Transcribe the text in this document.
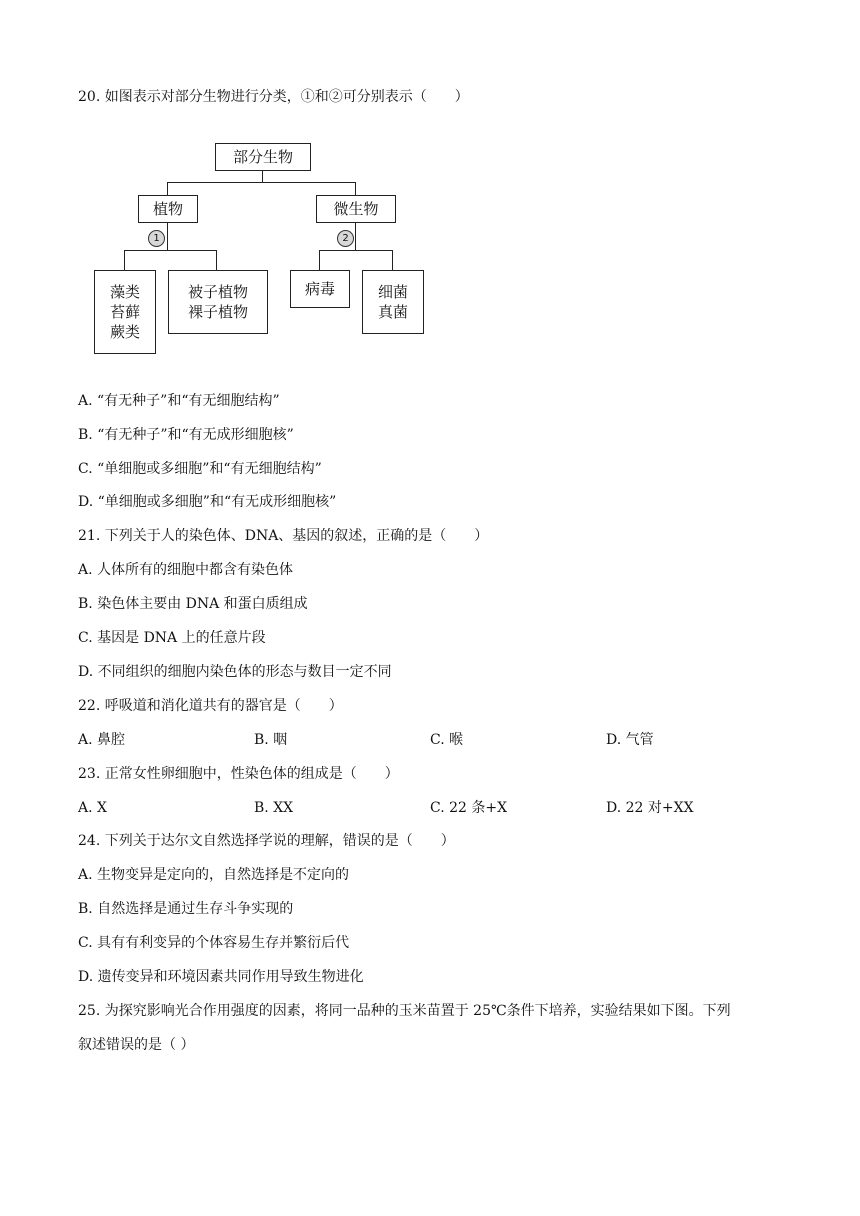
20. 如图表示对部分生物进行分类，①和②可分别表示（　　）
部分生物
植物	微生物
藻类
苔藓
蕨类
被子植物
裸子植物
病毒	细菌
真菌
1	2
A. “有无种子”和“有无细胞结构”
B. “有无种子”和“有无成形细胞核”
C. “单细胞或多细胞”和“有无细胞结构”
D. “单细胞或多细胞”和“有无成形细胞核”
21. 下列关于人的染色体、DNA、基因的叙述，正确的是（　　）
A. 人体所有的细胞中都含有染色体
B. 染色体主要由 DNA 和蛋白质组成
C. 基因是 DNA 上的任意片段
D. 不同组织的细胞内染色体的形态与数目一定不同
22. 呼吸道和消化道共有的器官是（　　）
A. 鼻腔	B. 咽	C. 喉	D. 气管
23. 正常女性卵细胞中，性染色体的组成是（　　）
A. X	B. XX	C. 22 条+X	D. 22 对+XX
24. 下列关于达尔文自然选择学说的理解，错误的是（　　）
A. 生物变异是定向的，自然选择是不定向的
B. 自然选择是通过生存斗争实现的
C. 具有有利变异的个体容易生存并繁衍后代
D. 遗传变异和环境因素共同作用导致生物进化
25. 为探究影响光合作用强度的因素，将同一品种的玉米苗置于 25℃条件下培养，实验结果如下图。下列
叙述错误的是（ ）
